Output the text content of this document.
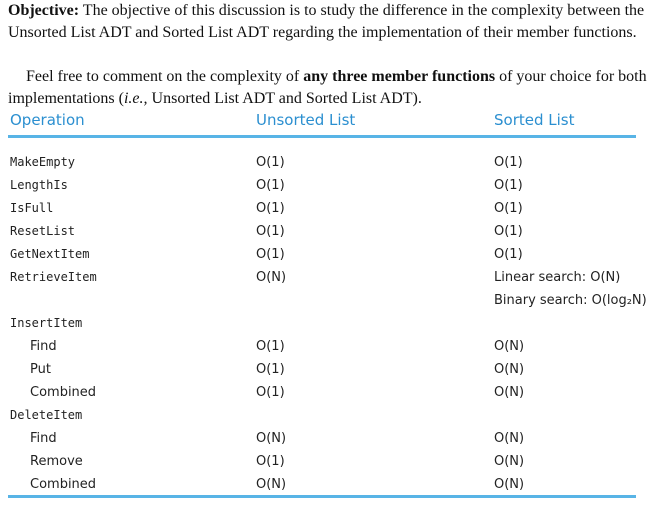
Objective: The objective of this discussion is to study the difference in the complexity between the Unsorted List ADT and Sorted List ADT regarding the implementation of their member functions.
Feel free to comment on the complexity of any three member functions of your choice for both implementations (i.e., Unsorted List ADT and Sorted List ADT).
Operation	Unsorted List	Sorted List
MakeEmpty	O(1)	O(1)
LengthIs	O(1)	O(1)
IsFull	O(1)	O(1)
ResetList	O(1)	O(1)
GetNextItem	O(1)	O(1)
RetrieveItem	O(N)	Linear search: O(N)
Binary search: O(log₂N)
InsertItem
Find	O(1)	O(N)
Put	O(1)	O(N)
Combined	O(1)	O(N)
DeleteItem
Find	O(N)	O(N)
Remove	O(1)	O(N)
Combined	O(N)	O(N)
